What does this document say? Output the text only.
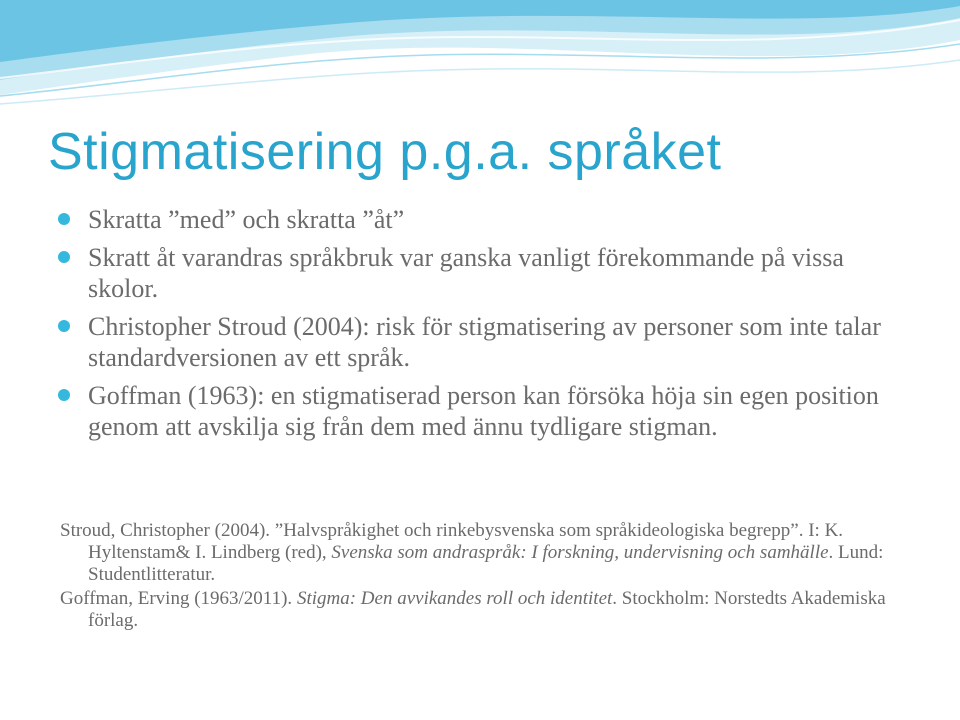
Stigmatisering p.g.a. språket
Skratta ”med” och skratta ”åt”
Skratt åt varandras språkbruk var ganska vanligt förekommande på vissa skolor.
Christopher Stroud (2004): risk för stigmatisering av personer som inte talar standardversionen av ett språk.
Goffman (1963): en stigmatiserad person kan försöka höja sin egen position genom att avskilja sig från dem med ännu tydligare stigman.
Stroud, Christopher (2004). ”Halvspråkighet och rinkebysvenska som språkideologiska begrepp”. I: K. Hyltenstam& I. Lindberg (red), Svenska som andraspråk: I forskning, undervisning och samhälle. Lund: Studentlitteratur.
Goffman, Erving (1963/2011). Stigma: Den avvikandes roll och identitet. Stockholm: Norstedts Akademiska förlag.
